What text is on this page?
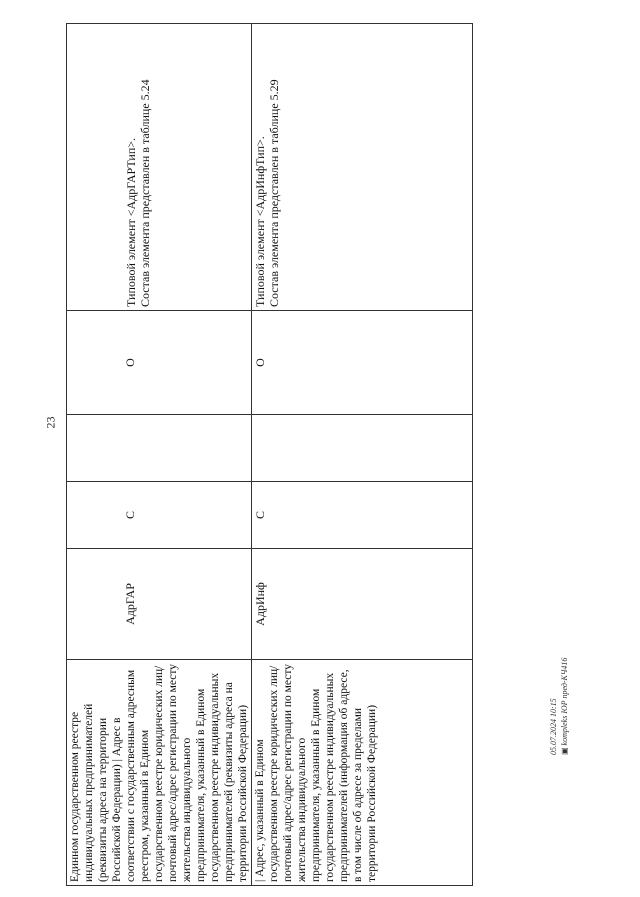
23
Единном государственном реестре индивидуальных предпринимателей (реквизиты адреса на территории Российской Федерации) | Адрес в соответствии с государственным адресным реестром, указанный в Едином государственном реестре юридических лиц/почтовый адрес/адрес регистрации по месту жительства индивидуального предпринимателя, указанный в Едином государственном реестре индивидуальных предпринимателей (реквизиты адреса на территории Российской Федерации)	АдрГАР	С		О	Типовой элемент <АдрГАРТип>. Состав элемента представлен в таблице 5.24

| Адрес, указанный в Едином государственном реестре юридических лиц/почтовый адрес/адрес регистрации по месту жительства индивидуального предпринимателя, указанный в Едином государственном реестре индивидуальных предпринимателей (информация об адресе, в том числе об адресе за пределами территории Российской Федерации)	АдрИнф	С		О	Типовой элемент <АдрИнфТип>. Состав элемента представлен в таблице 5.29
05.07.2024 10:15 ▣kompleks ЮР пред-КЧ416
